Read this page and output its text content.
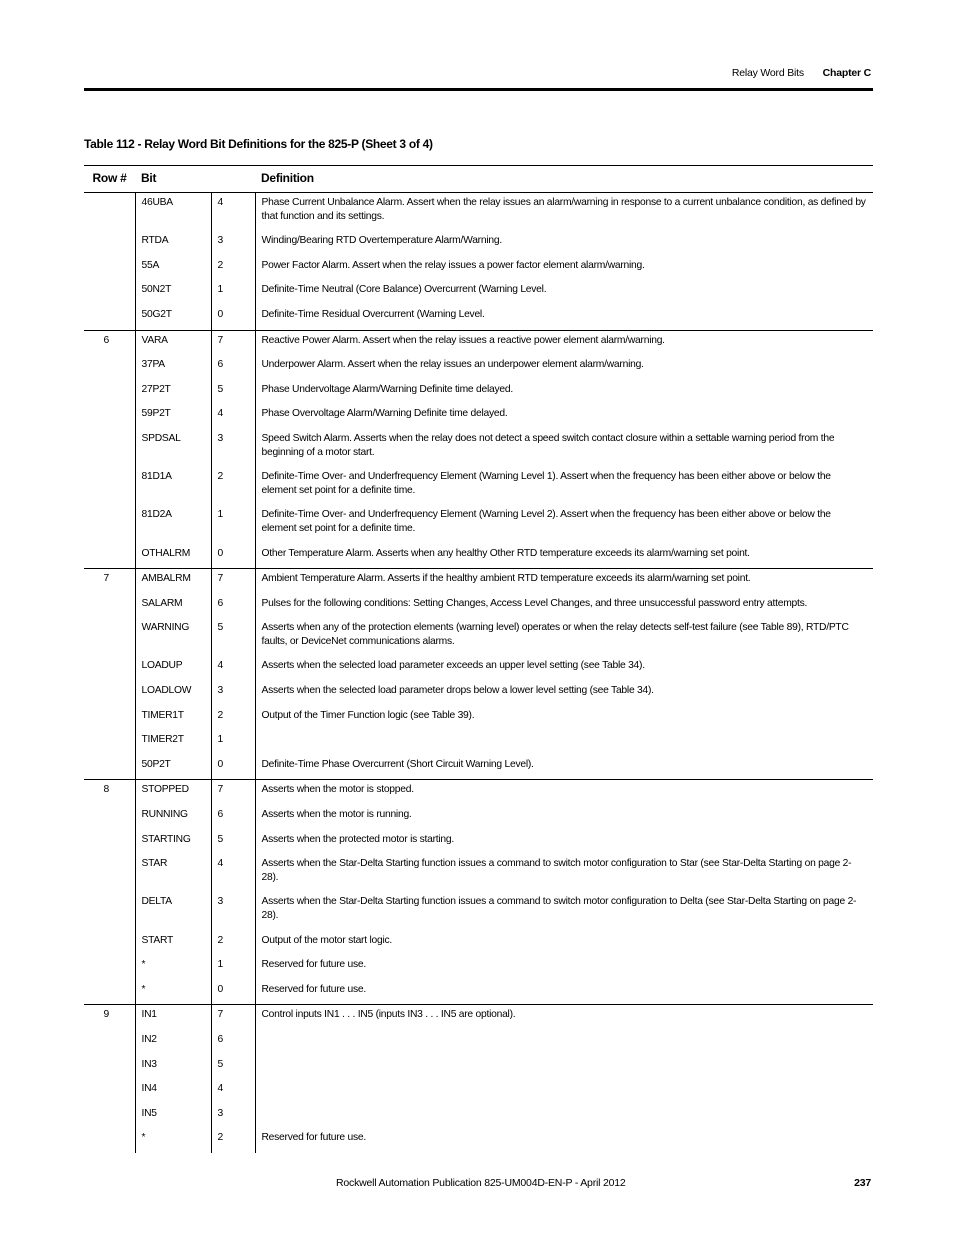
Relay Word Bits Chapter C
Table 112 - Relay Word Bit Definitions for the 825-P (Sheet 3 of 4)
Row #	Bit		Definition
	46UBA	4	Phase Current Unbalance Alarm. Assert when the relay issues an alarm/warning in response to a current unbalance condition, as defined by that function and its settings.
	RTDA	3	Winding/Bearing RTD Overtemperature Alarm/Warning.
	55A	2	Power Factor Alarm. Assert when the relay issues a power factor element alarm/warning.
	50N2T	1	Definite-Time Neutral (Core Balance) Overcurrent (Warning Level.
	50G2T	0	Definite-Time Residual Overcurrent (Warning Level.
6	VARA	7	Reactive Power Alarm. Assert when the relay issues a reactive power element alarm/warning.
	37PA	6	Underpower Alarm. Assert when the relay issues an underpower element alarm/warning.
	27P2T	5	Phase Undervoltage Alarm/Warning Definite time delayed.
	59P2T	4	Phase Overvoltage Alarm/Warning Definite time delayed.
	SPDSAL	3	Speed Switch Alarm. Asserts when the relay does not detect a speed switch contact closure within a settable warning period from the beginning of a motor start.
	81D1A	2	Definite-Time Over- and Underfrequency Element (Warning Level 1). Assert when the frequency has been either above or below the element set point for a definite time.
	81D2A	1	Definite-Time Over- and Underfrequency Element (Warning Level 2). Assert when the frequency has been either above or below the element set point for a definite time.
	OTHALRM	0	Other Temperature Alarm. Asserts when any healthy Other RTD temperature exceeds its alarm/warning set point.
7	AMBALRM	7	Ambient Temperature Alarm. Asserts if the healthy ambient RTD temperature exceeds its alarm/warning set point.
	SALARM	6	Pulses for the following conditions: Setting Changes, Access Level Changes, and three unsuccessful password entry attempts.
	WARNING	5	Asserts when any of the protection elements (warning level) operates or when the relay detects self-test failure (see Table 89), RTD/PTC faults, or DeviceNet communications alarms.
	LOADUP	4	Asserts when the selected load parameter exceeds an upper level setting (see Table 34).
	LOADLOW	3	Asserts when the selected load parameter drops below a lower level setting (see Table 34).
	TIMER1T	2	Output of the Timer Function logic (see Table 39).
	TIMER2T	1	
	50P2T	0	Definite-Time Phase Overcurrent (Short Circuit Warning Level).
8	STOPPED	7	Asserts when the motor is stopped.
	RUNNING	6	Asserts when the motor is running.
	STARTING	5	Asserts when the protected motor is starting.
	STAR	4	Asserts when the Star-Delta Starting function issues a command to switch motor configuration to Star (see Star-Delta Starting on page 2-28).
	DELTA	3	Asserts when the Star-Delta Starting function issues a command to switch motor configuration to Delta (see Star-Delta Starting on page 2-28).
	START	2	Output of the motor start logic.
	*	1	Reserved for future use.
	*	0	Reserved for future use.
9	IN1	7	Control inputs IN1 . . . IN5 (inputs IN3 . . . IN5 are optional).
	IN2	6	
	IN3	5	
	IN4	4	
	IN5	3	
	*	2	Reserved for future use.
Rockwell Automation Publication 825-UM004D-EN-P - April 2012	237
